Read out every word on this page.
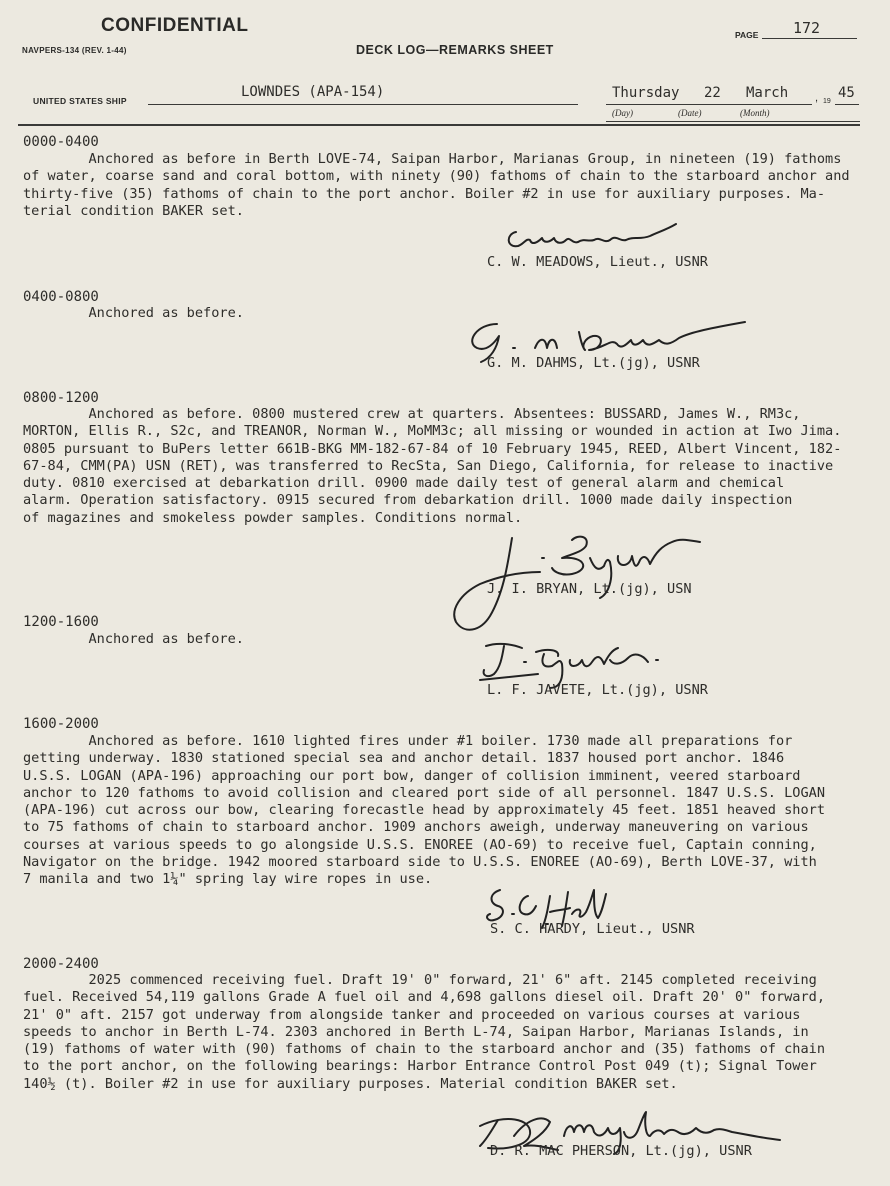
CONFIDENTIAL
NAVPERS-134 (REV. 1-44)	DECK LOG—REMARKS SHEET
PAGE 172
UNITED STATES SHIP
LOWNDES (APA-154)	Thursday 22 March , 19
45
(Day)	(Date)	(Month)
0000-0400
Anchored as before in Berth LOVE-74, Saipan Harbor, Marianas Group, in nineteen (19) fathoms
of water, coarse sand and coral bottom, with ninety (90) fathoms of chain to the starboard anchor and
thirty-five (35) fathoms of chain to the port anchor. Boiler #2 in use for auxiliary purposes. Ma-
terial condition BAKER set.
C. W. MEADOWS, Lieut., USNR
0400-0800
Anchored as before.
G. M. DAHMS, Lt.(jg), USNR
0800-1200
Anchored as before. 0800 mustered crew at quarters. Absentees: BUSSARD, James W., RM3c,
MORTON, Ellis R., S2c, and TREANOR, Norman W., MoMM3c; all missing or wounded in action at Iwo Jima.
0805 pursuant to BuPers letter 661B-BKG MM-182-67-84 of 10 February 1945, REED, Albert Vincent, 182-
67-84, CMM(PA) USN (RET), was transferred to RecSta, San Diego, California, for release to inactive
duty. 0810 exercised at debarkation drill. 0900 made daily test of general alarm and chemical
alarm. Operation satisfactory. 0915 secured from debarkation drill. 1000 made daily inspection
of magazines and smokeless powder samples. Conditions normal.
J. I. BRYAN, Lt.(jg), USN
1200-1600
Anchored as before.
L. F. JAVETE, Lt.(jg), USNR
1600-2000
Anchored as before. 1610 lighted fires under #1 boiler. 1730 made all preparations for
getting underway. 1830 stationed special sea and anchor detail. 1837 housed port anchor. 1846
U.S.S. LOGAN (APA-196) approaching our port bow, danger of collision imminent, veered starboard
anchor to 120 fathoms to avoid collision and cleared port side of all personnel. 1847 U.S.S. LOGAN
(APA-196) cut across our bow, clearing forecastle head by approximately 45 feet. 1851 heaved short
to 75 fathoms of chain to starboard anchor. 1909 anchors aweigh, underway maneuvering on various
courses at various speeds to go alongside U.S.S. ENOREE (AO-69) to receive fuel, Captain conning,
Navigator on the bridge. 1942 moored starboard side to U.S.S. ENOREE (AO-69), Berth LOVE-37, with
7 manila and two 1¼" spring lay wire ropes in use.
S. C. HARDY, Lieut., USNR
2000-2400
2025 commenced receiving fuel. Draft 19' 0" forward, 21' 6" aft. 2145 completed receiving
fuel. Received 54,119 gallons Grade A fuel oil and 4,698 gallons diesel oil. Draft 20' 0" forward,
21' 0" aft. 2157 got underway from alongside tanker and proceeded on various courses at various
speeds to anchor in Berth L-74. 2303 anchored in Berth L-74, Saipan Harbor, Marianas Islands, in
(19) fathoms of water with (90) fathoms of chain to the starboard anchor and (35) fathoms of chain
to the port anchor, on the following bearings: Harbor Entrance Control Post 049 (t); Signal Tower
140½ (t). Boiler #2 in use for auxiliary purposes. Material condition BAKER set.
D. R. MAC PHERSON, Lt.(jg), USNR
